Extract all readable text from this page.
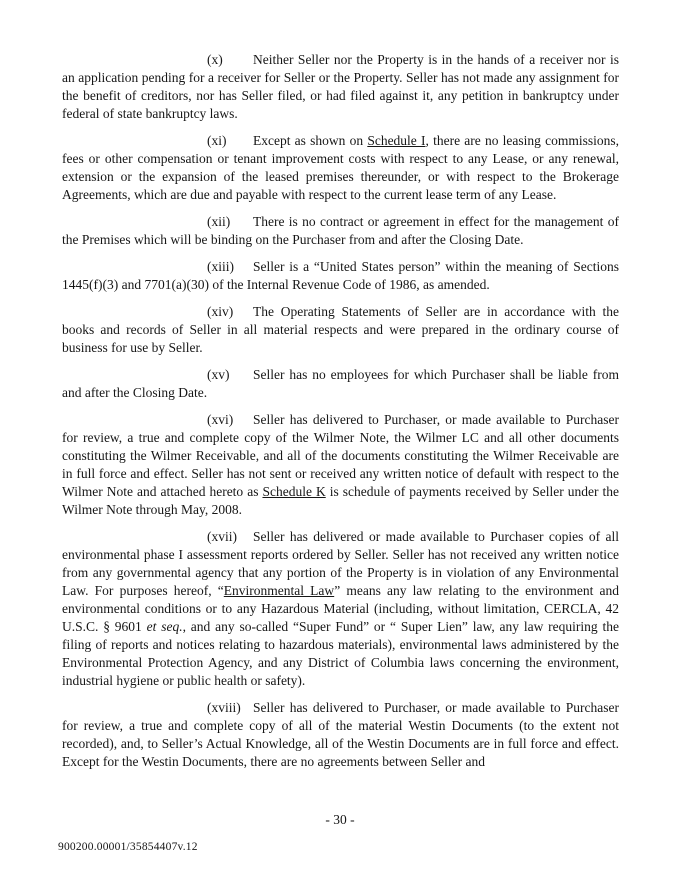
(x) Neither Seller nor the Property is in the hands of a receiver nor is an application pending for a receiver for Seller or the Property. Seller has not made any assignment for the benefit of creditors, nor has Seller filed, or had filed against it, any petition in bankruptcy under federal of state bankruptcy laws.

(xi) Except as shown on Schedule I, there are no leasing commissions, fees or other compensation or tenant improvement costs with respect to any Lease, or any renewal, extension or the expansion of the leased premises thereunder, or with respect to the Brokerage Agreements, which are due and payable with respect to the current lease term of any Lease.

(xii) There is no contract or agreement in effect for the management of the Premises which will be binding on the Purchaser from and after the Closing Date.

(xiii) Seller is a “United States person” within the meaning of Sections 1445(f)(3) and 7701(a)(30) of the Internal Revenue Code of 1986, as amended.

(xiv) The Operating Statements of Seller are in accordance with the books and records of Seller in all material respects and were prepared in the ordinary course of business for use by Seller.

(xv) Seller has no employees for which Purchaser shall be liable from and after the Closing Date.

(xvi) Seller has delivered to Purchaser, or made available to Purchaser for review, a true and complete copy of the Wilmer Note, the Wilmer LC and all other documents constituting the Wilmer Receivable, and all of the documents constituting the Wilmer Receivable are in full force and effect. Seller has not sent or received any written notice of default with respect to the Wilmer Note and attached hereto as Schedule K is schedule of payments received by Seller under the Wilmer Note through May, 2008.

(xvii) Seller has delivered or made available to Purchaser copies of all environmental phase I assessment reports ordered by Seller. Seller has not received any written notice from any governmental agency that any portion of the Property is in violation of any Environmental Law. For purposes hereof, “Environmental Law” means any law relating to the environment and environmental conditions or to any Hazardous Material (including, without limitation, CERCLA, 42 U.S.C. § 9601 et seq., and any so-called “Super Fund” or “ Super Lien” law, any law requiring the filing of reports and notices relating to hazardous materials), environmental laws administered by the Environmental Protection Agency, and any District of Columbia laws concerning the environment, industrial hygiene or public health or safety).

(xviii) Seller has delivered to Purchaser, or made available to Purchaser for review, a true and complete copy of all of the material Westin Documents (to the extent not recorded), and, to Seller’s Actual Knowledge, all of the Westin Documents are in full force and effect. Except for the Westin Documents, there are no agreements between Seller and

- 30 -
900200.00001/35854407v.12
